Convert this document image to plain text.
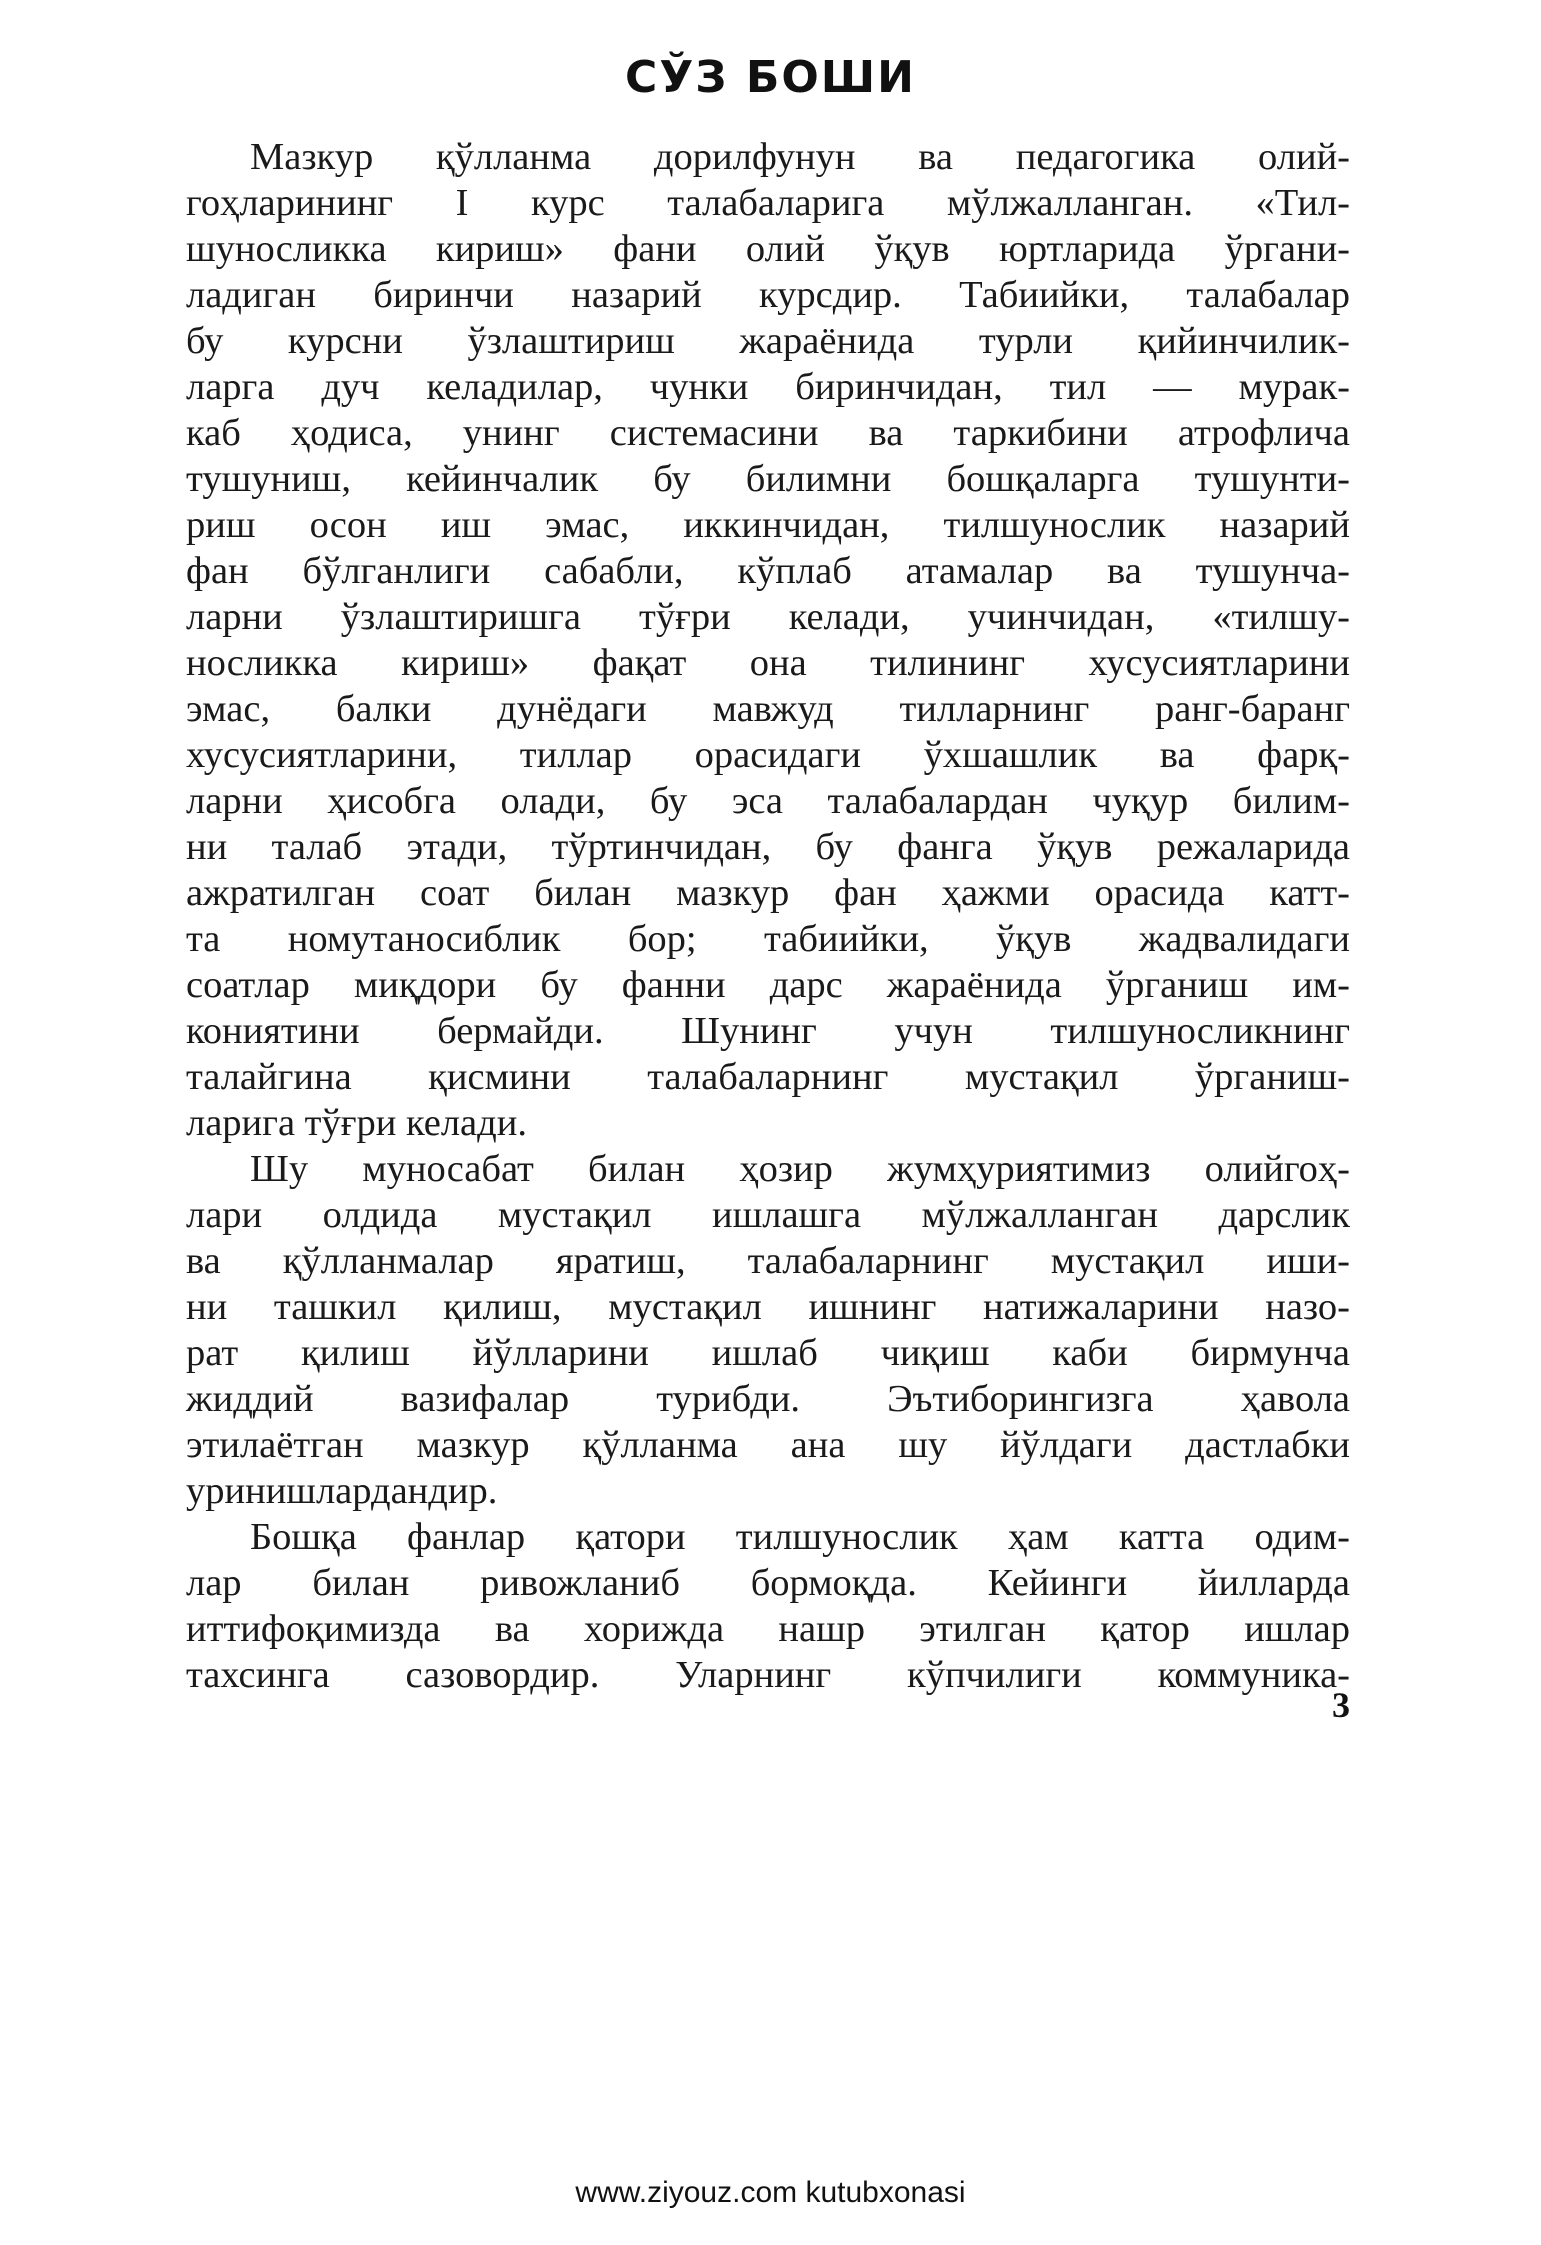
СЎЗ БОШИ
Мазкур қўлланма дорилфунун ва педагогика олий-
гоҳларининг I курс талабаларига мўлжалланган. «Тил-
шуносликка кириш» фани олий ўқув юртларида ўргани-
ладиган биринчи назарий курсдир. Табиийки, талабалар
бу курсни ўзлаштириш жараёнида турли қийинчилик-
ларга дуч келадилар, чунки биринчидан, тил — мурак-
каб ҳодиса, унинг системасини ва таркибини атрофлича
тушуниш, кейинчалик бу билимни бошқаларга тушунти-
риш осон иш эмас, иккинчидан, тилшунослик назарий
фан бўлганлиги сабабли, кўплаб атамалар ва тушунча-
ларни ўзлаштиришга тўғри келади, учинчидан, «тилшу-
носликка кириш» фақат она тилининг хусусиятларини
эмас, балки дунёдаги мавжуд тилларнинг ранг-баранг
хусусиятларини, тиллар орасидаги ўхшашлик ва фарқ-
ларни ҳисобга олади, бу эса талабалардан чуқур билим-
ни талаб этади, тўртинчидан, бу фанга ўқув режаларида
ажратилган соат билан мазкур фан ҳажми орасида катт-
та номутаносиблик бор; табиийки, ўқув жадвалидаги
соатлар миқдори бу фанни дарс жараёнида ўрганиш им-
кониятини бермайди. Шунинг учун тилшуносликнинг
талайгина қисмини талабаларнинг мустақил ўрганиш-
ларига тўғри келади.
Шу муносабат билан ҳозир жумҳуриятимиз олийгоҳ-
лари олдида мустақил ишлашга мўлжалланган дарслик
ва қўлланмалар яратиш, талабаларнинг мустақил иши-
ни ташкил қилиш, мустақил ишнинг натижаларини назо-
рат қилиш йўлларини ишлаб чиқиш каби бирмунча
жиддий вазифалар турибди. Эътиборингизга ҳавола
этилаётган мазкур қўлланма ана шу йўлдаги дастлабки
уринишлардандир.
Бошқа фанлар қатори тилшунослик ҳам катта одим-
лар билан ривожланиб бормоқда. Кейинги йилларда
иттифоқимизда ва хорижда нашр этилган қатор ишлар
тахсинга сазовордир. Уларнинг кўпчилиги коммуника-
3
www.ziyouz.com kutubxonasi
